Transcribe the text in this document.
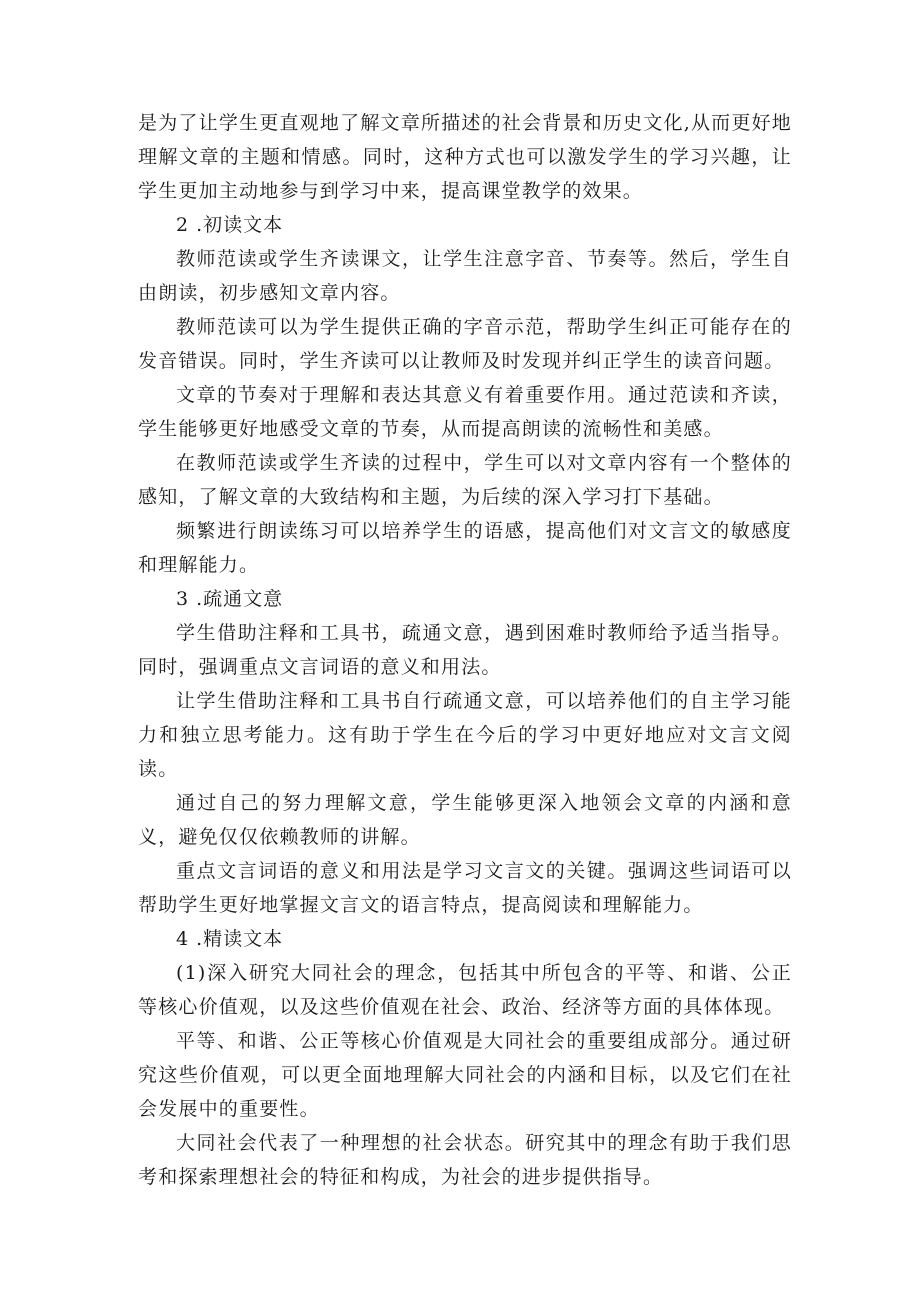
是为了让学生更直观地了解文章所描述的社会背景和历史文化,从而更好地理解文章的主题和情感。同时，这种方式也可以激发学生的学习兴趣，让学生更加主动地参与到学习中来，提高课堂教学的效果。

2 .初读文本

教师范读或学生齐读课文，让学生注意字音、节奏等。然后，学生自由朗读，初步感知文章内容。

教师范读可以为学生提供正确的字音示范，帮助学生纠正可能存在的发音错误。同时，学生齐读可以让教师及时发现并纠正学生的读音问题。

文章的节奏对于理解和表达其意义有着重要作用。通过范读和齐读，学生能够更好地感受文章的节奏，从而提高朗读的流畅性和美感。

在教师范读或学生齐读的过程中，学生可以对文章内容有一个整体的感知，了解文章的大致结构和主题，为后续的深入学习打下基础。

频繁进行朗读练习可以培养学生的语感，提高他们对文言文的敏感度和理解能力。

3 .疏通文意

学生借助注释和工具书，疏通文意，遇到困难时教师给予适当指导。同时，强调重点文言词语的意义和用法。

让学生借助注释和工具书自行疏通文意，可以培养他们的自主学习能力和独立思考能力。这有助于学生在今后的学习中更好地应对文言文阅读。

通过自己的努力理解文意，学生能够更深入地领会文章的内涵和意义，避免仅仅依赖教师的讲解。

重点文言词语的意义和用法是学习文言文的关键。强调这些词语可以帮助学生更好地掌握文言文的语言特点，提高阅读和理解能力。

4 .精读文本

(1)深入研究大同社会的理念，包括其中所包含的平等、和谐、公正等核心价值观，以及这些价值观在社会、政治、经济等方面的具体体现。

平等、和谐、公正等核心价值观是大同社会的重要组成部分。通过研究这些价值观，可以更全面地理解大同社会的内涵和目标，以及它们在社会发展中的重要性。

大同社会代表了一种理想的社会状态。研究其中的理念有助于我们思考和探索理想社会的特征和构成，为社会的进步提供指导。
